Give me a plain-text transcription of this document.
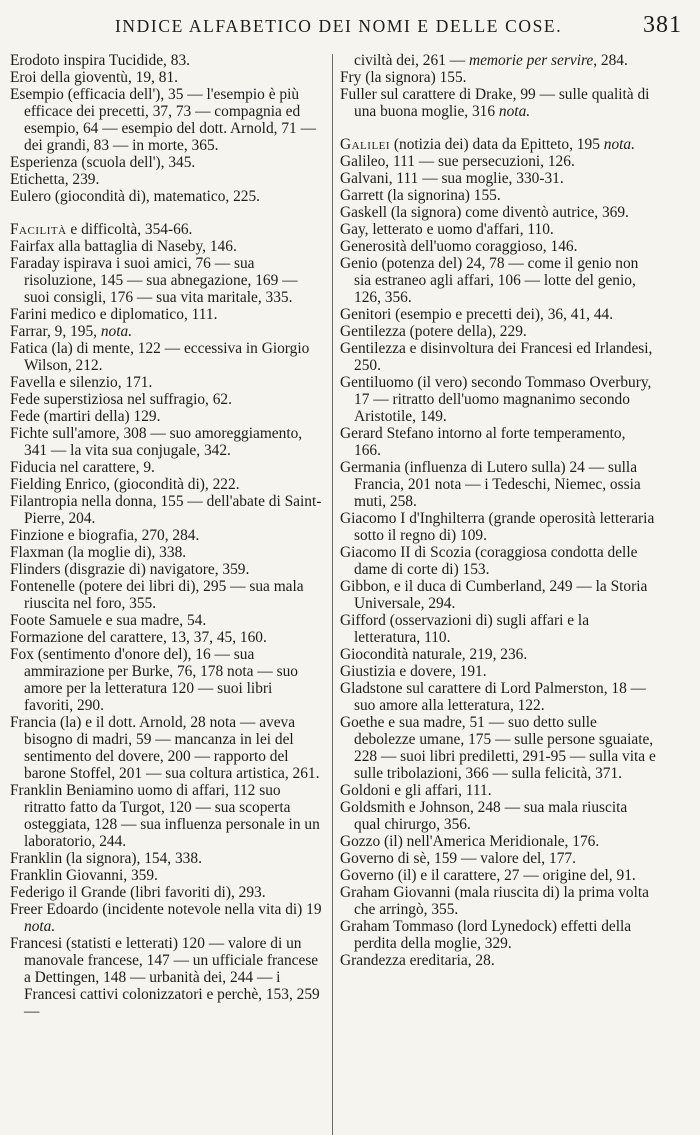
INDICE ALFABETICO DEI NOMI E DELLE COSE.	381

Erodoto inspira Tucidide, 83.

Eroi della gioventù, 19, 81.

Esempio (efficacia dell'), 35 — l'esempio è più efficace dei precetti, 37, 73 — compagnia ed esempio, 64 — esempio del dott. Arnold, 71 — dei grandi, 83 — in morte, 365.

Esperienza (scuola dell'), 345.

Etichetta, 239.

Eulero (giocondità di), matematico, 225.

Facilità e difficoltà, 354-66.

Fairfax alla battaglia di Naseby, 146.

Faraday ispirava i suoi amici, 76 — sua risoluzione, 145 — sua abnegazione, 169 — suoi consigli, 176 — sua vita maritale, 335.

Farini medico e diplomatico, 111.

Farrar, 9, 195, nota.

Fatica (la) di mente, 122 — eccessiva in Giorgio Wilson, 212.

Favella e silenzio, 171.

Fede superstiziosa nel suffragio, 62.

Fede (martiri della) 129.

Fichte sull'amore, 308 — suo amoreggiamento, 341 — la vita sua conjugale, 342.

Fiducia nel carattere, 9.

Fielding Enrico, (giocondità di), 222.

Filantropia nella donna, 155 — dell'abate di Saint-Pierre, 204.

Finzione e biografia, 270, 284.

Flaxman (la moglie di), 338.

Flinders (disgrazie di) navigatore, 359.

Fontenelle (potere dei libri di), 295 — sua mala riuscita nel foro, 355.

Foote Samuele e sua madre, 54.

Formazione del carattere, 13, 37, 45, 160.

Fox (sentimento d'onore del), 16 — sua ammirazione per Burke, 76, 178 nota — suo amore per la letteratura 120 — suoi libri favoriti, 290.

Francia (la) e il dott. Arnold, 28 nota — aveva bisogno di madri, 59 — mancanza in lei del sentimento del dovere, 200 — rapporto del barone Stoffel, 201 — sua coltura artistica, 261.

Franklin Beniamino uomo di affari, 112 suo ritratto fatto da Turgot, 120 — sua scoperta osteggiata, 128 — sua influenza personale in un laboratorio, 244.

Franklin (la signora), 154, 338.

Franklin Giovanni, 359.

Federigo il Grande (libri favoriti di), 293.

Freer Edoardo (incidente notevole nella vita di) 19 nota.

Francesi (statisti e letterati) 120 — valore di un manovale francese, 147 — un ufficiale francese a Dettingen, 148 — urbanità dei, 244 — i Francesi cattivi colonizzatori e perchè, 153, 259 —

civiltà dei, 261 — memorie per servire, 284.

Fry (la signora) 155.

Fuller sul carattere di Drake, 99 — sulle qualità di una buona moglie, 316 nota.

Galilei (notizia dei) data da Epitteto, 195 nota.

Galileo, 111 — sue persecuzioni, 126.

Galvani, 111 — sua moglie, 330-31.

Garrett (la signorina) 155.

Gaskell (la signora) come diventò autrice, 369.

Gay, letterato e uomo d'affari, 110.

Generosità dell'uomo coraggioso, 146.

Genio (potenza del) 24, 78 — come il genio non sia estraneo agli affari, 106 — lotte del genio, 126, 356.

Genitori (esempio e precetti dei), 36, 41, 44.

Gentilezza (potere della), 229.

Gentilezza e disinvoltura dei Francesi ed Irlandesi, 250.

Gentiluomo (il vero) secondo Tommaso Overbury, 17 — ritratto dell'uomo magnanimo secondo Aristotile, 149.

Gerard Stefano intorno al forte temperamento, 166.

Germania (influenza di Lutero sulla) 24 — sulla Francia, 201 nota — i Tedeschi, Niemec, ossia muti, 258.

Giacomo I d'Inghilterra (grande operosità letteraria sotto il regno di) 109.

Giacomo II di Scozia (coraggiosa condotta delle dame di corte di) 153.

Gibbon, e il duca di Cumberland, 249 — la Storia Universale, 294.

Gifford (osservazioni di) sugli affari e la letteratura, 110.

Giocondità naturale, 219, 236.

Giustizia e dovere, 191.

Gladstone sul carattere di Lord Palmerston, 18 — suo amore alla letteratura, 122.

Goethe e sua madre, 51 — suo detto sulle debolezze umane, 175 — sulle persone sguaiate, 228 — suoi libri prediletti, 291-95 — sulla vita e sulle tribolazioni, 366 — sulla felicità, 371.

Goldoni e gli affari, 111.

Goldsmith e Johnson, 248 — sua mala riuscita qual chirurgo, 356.

Gozzo (il) nell'America Meridionale, 176.

Governo di sè, 159 — valore del, 177.

Governo (il) e il carattere, 27 — origine del, 91.

Graham Giovanni (mala riuscita di) la prima volta che arringò, 355.

Graham Tommaso (lord Lynedock) effetti della perdita della moglie, 329.

Grandezza ereditaria, 28.
